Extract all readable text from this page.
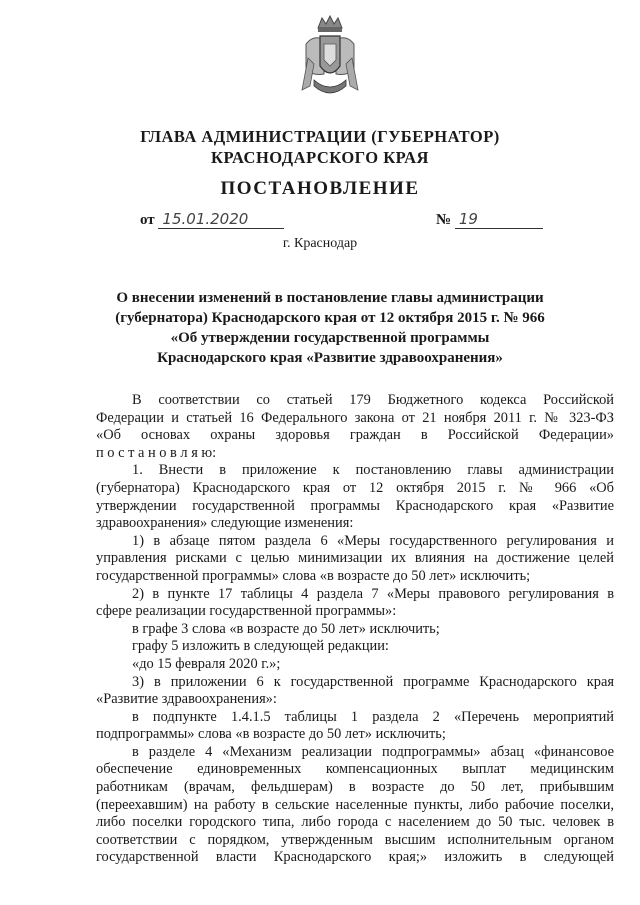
ГЛАВА АДМИНИСТРАЦИИ (ГУБЕРНАТОР)
КРАСНОДАРСКОГО КРАЯ
ПОСТАНОВЛЕНИЕ
от 15.01.2020	№ 19
г. Краснодар
О внесении изменений в постановление главы администрации
(губернатора) Краснодарского края от 12 октября 2015 г. № 966
«Об утверждении государственной программы
Краснодарского края «Развитие здравоохранения»
В соответствии со статьей 179 Бюджетного кодекса Российской
Федерации и статьей 16 Федерального закона от 21 ноября 2011 г. № 323-ФЗ
«Об основах охраны здоровья граждан в Российской Федерации»
п о с т а н о в л я ю:
1. Внести в приложение к постановлению главы администрации
(губернатора) Краснодарского края от 12 октября 2015 г. № 966 «Об
утверждении государственной программы Краснодарского края «Развитие
здравоохранения» следующие изменения:
1) в абзаце пятом раздела 6 «Меры государственного регулирования и
управления рисками с целью минимизации их влияния на достижение целей
государственной программы» слова «в возрасте до 50 лет» исключить;
2) в пункте 17 таблицы 4 раздела 7 «Меры правового регулирования в
сфере реализации государственной программы»:
в графе 3 слова «в возрасте до 50 лет» исключить;
графу 5 изложить в следующей редакции:
«до 15 февраля 2020 г.»;
3) в приложении 6 к государственной программе Краснодарского края
«Развитие здравоохранения»:
в подпункте 1.4.1.5 таблицы 1 раздела 2 «Перечень мероприятий
подпрограммы» слова «в возрасте до 50 лет» исключить;
в разделе 4 «Механизм реализации подпрограммы» абзац «финансовое
обеспечение единовременных компенсационных выплат медицинским
работникам (врачам, фельдшерам) в возрасте до 50 лет, прибывшим
(переехавшим) на работу в сельские населенные пункты, либо рабочие поселки,
либо поселки городского типа, либо города с населением до 50 тыс. человек в
соответствии с порядком, утвержденным высшим исполнительным органом
государственной власти Краснодарского края;» изложить в следующей
